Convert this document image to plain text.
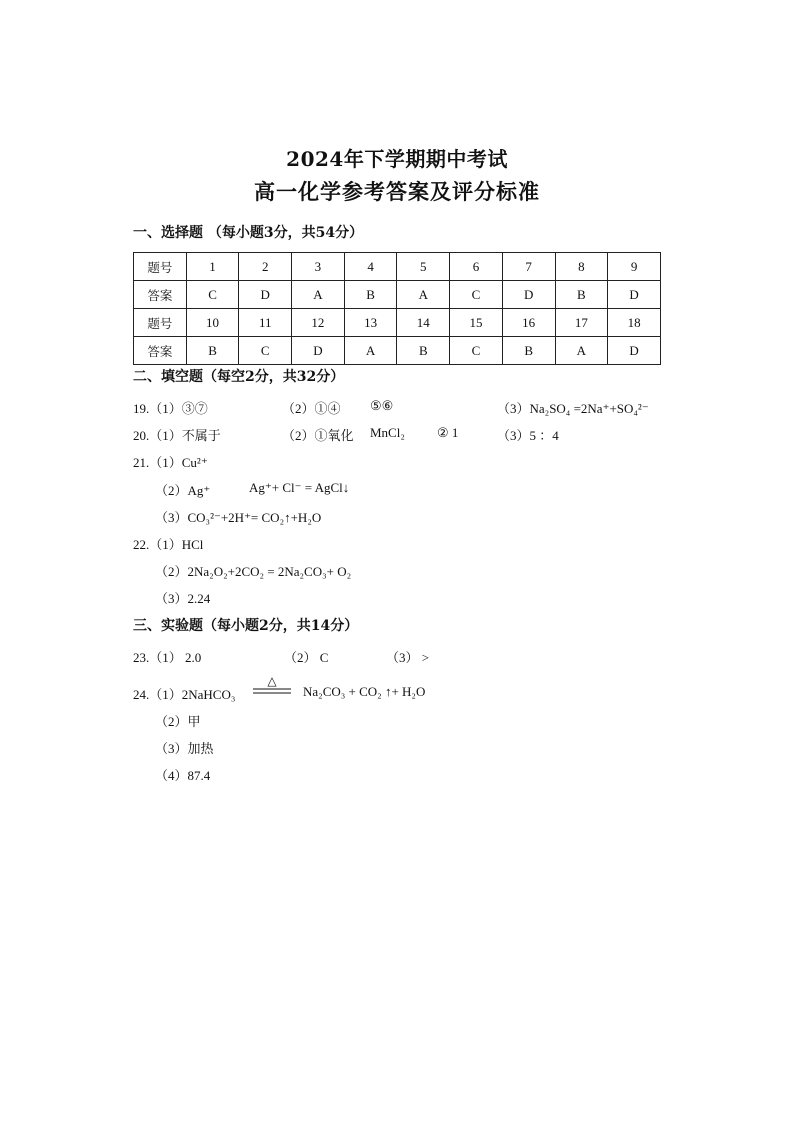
2024年下学期期中考试
高一化学参考答案及评分标准
一、选择题 （每小题3分，共54分）
题号	1	2	3	4	5	6	7	8	9
答案	C	D	A	B	A	C	D	B	D
题号	10	11	12	13	14	15	16	17	18
答案	B	C	D	A	B	C	B	A	D
二、填空题（每空2分，共32分）
19.（1）③⑦	（2）①④ ⑤⑥	（3）Na₂SO₄ =2Na⁺+SO₄²⁻
20.（1）不属于	（2）①氧化 MnCl₂ ② 1	（3）5 ：4
21.（1）Cu²⁺
（2）Ag⁺	Ag⁺+ Cl⁻ = AgCl↓
（3）CO₃²⁻+2H⁺= CO₂↑+H₂O
22.（1）HCl
（2）2Na₂O₂+2CO₂ = 2Na₂CO₃+ O₂
（3）2.24
三、实验题（每小题2分，共14分）
23.（1） 2.0	（2） C	（3） >
24.（1）2NaHCO₃
△
Na₂CO₃ + CO₂ ↑+ H₂O
（2）甲
（3）加热
（4）87.4
